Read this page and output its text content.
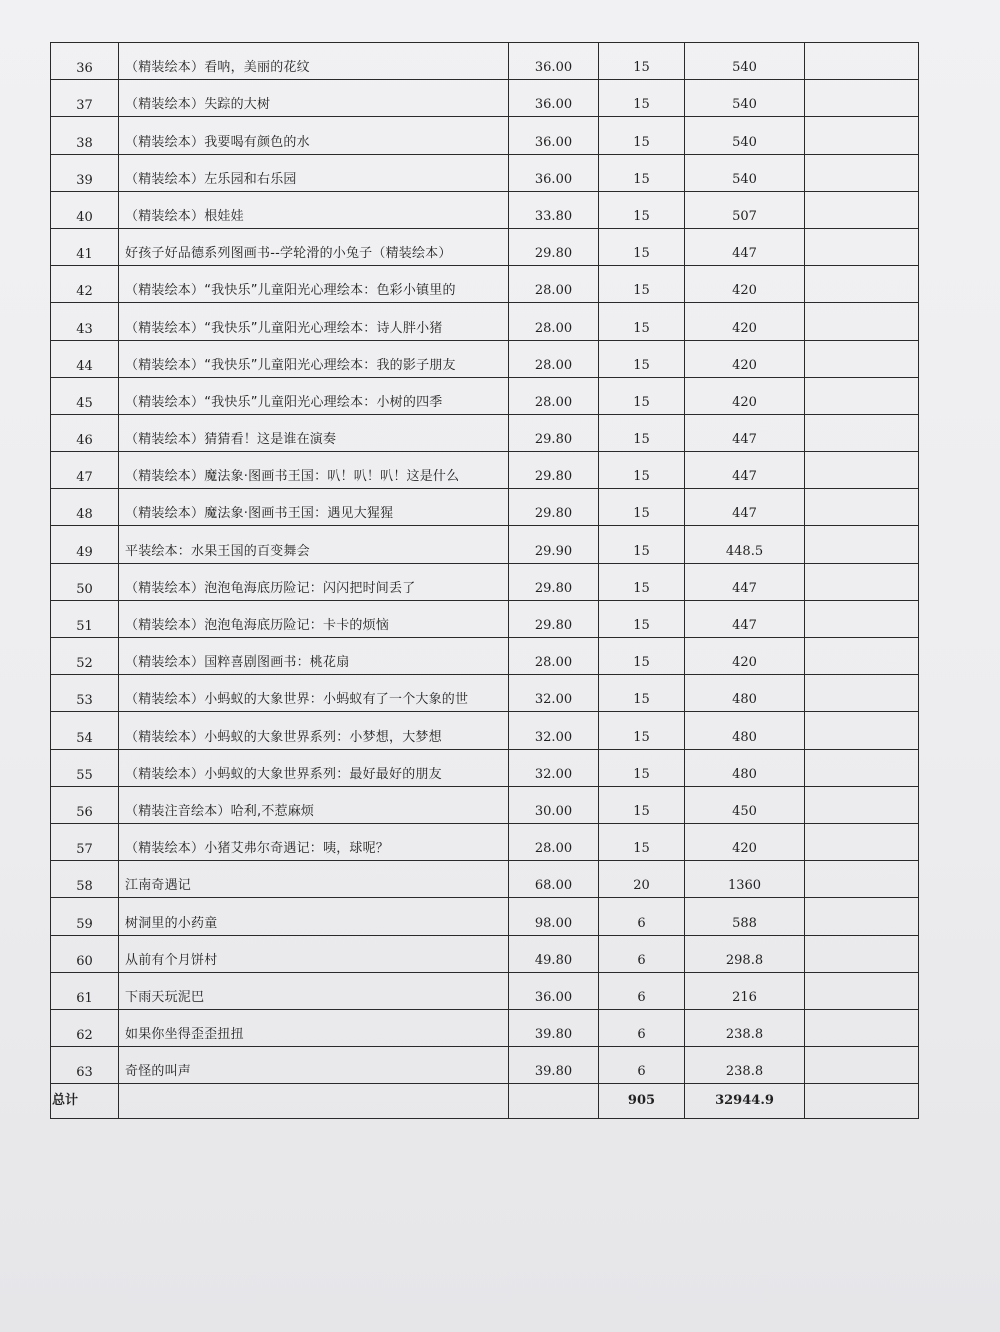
36	（精装绘本）看呐，美丽的花纹	36.00	15	540	
37	（精装绘本）失踪的大树	36.00	15	540	
38	（精装绘本）我要喝有颜色的水	36.00	15	540	
39	（精装绘本）左乐园和右乐园	36.00	15	540	
40	（精装绘本）根娃娃	33.80	15	507	
41	好孩子好品德系列图画书--学轮滑的小兔子（精装绘本）	29.80	15	447	
42	（精装绘本）“我快乐”儿童阳光心理绘本：色彩小镇里的	28.00	15	420	
43	（精装绘本）“我快乐”儿童阳光心理绘本：诗人胖小猪	28.00	15	420	
44	（精装绘本）“我快乐”儿童阳光心理绘本：我的影子朋友	28.00	15	420	
45	（精装绘本）“我快乐”儿童阳光心理绘本：小树的四季	28.00	15	420	
46	（精装绘本）猜猜看！这是谁在演奏	29.80	15	447	
47	（精装绘本）魔法象·图画书王国：叭！叭！叭！这是什么	29.80	15	447	
48	（精装绘本）魔法象·图画书王国：遇见大猩猩	29.80	15	447	
49	平装绘本：水果王国的百变舞会	29.90	15	448.5	
50	（精装绘本）泡泡龟海底历险记：闪闪把时间丢了	29.80	15	447	
51	（精装绘本）泡泡龟海底历险记：卡卡的烦恼	29.80	15	447	
52	（精装绘本）国粹喜剧图画书：桃花扇	28.00	15	420	
53	（精装绘本）小蚂蚁的大象世界：小蚂蚁有了一个大象的世	32.00	15	480	
54	（精装绘本）小蚂蚁的大象世界系列：小梦想，大梦想	32.00	15	480	
55	（精装绘本）小蚂蚁的大象世界系列：最好最好的朋友	32.00	15	480	
56	（精装注音绘本）哈利,不惹麻烦	30.00	15	450	
57	（精装绘本）小猪艾弗尔奇遇记：咦，球呢？	28.00	15	420	
58	江南奇遇记	68.00	20	1360	
59	树洞里的小药童	98.00	6	588	
60	从前有个月饼村	49.80	6	298.8	
61	下雨天玩泥巴	36.00	6	216	
62	如果你坐得歪歪扭扭	39.80	6	238.8	
63	奇怪的叫声	39.80	6	238.8	
总计			905	32944.9	
